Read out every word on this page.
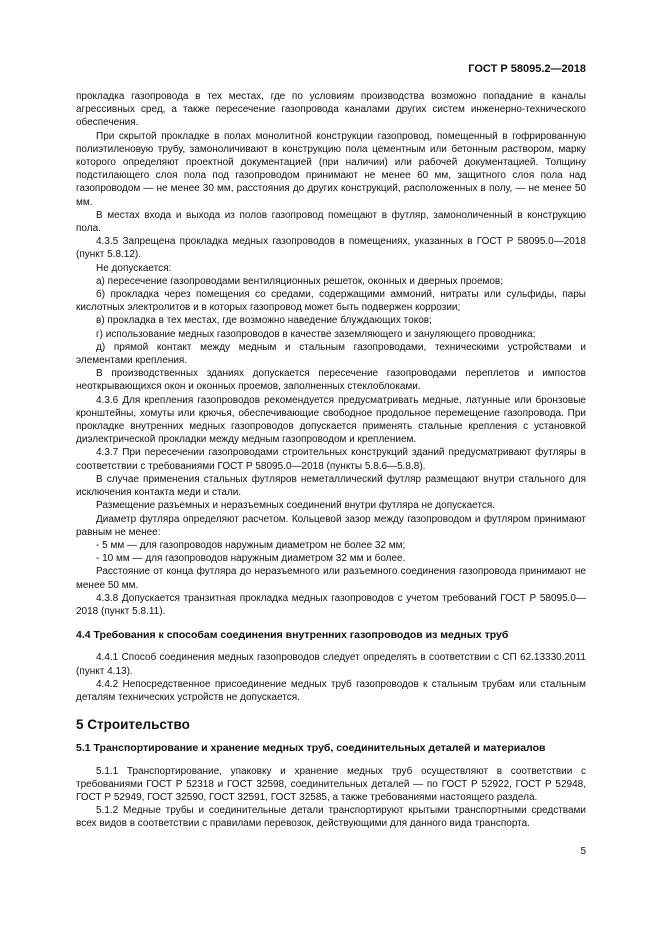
ГОСТ Р 58095.2—2018

прокладка газопровода в тех местах, где по условиям производства возможно попадание в каналы агрессивных сред, а также пересечение газопровода каналами других систем инженерно-технического обеспечения.

При скрытой прокладке в полах монолитной конструкции газопровод, помещенный в гофрированную полиэтиленовую трубу, замоноличивают в конструкцию пола цементным или бетонным раствором, марку которого определяют проектной документацией (при наличии) или рабочей документацией. Толщину подстилающего слоя пола под газопроводом принимают не менее 60 мм, защитного слоя пола над газопроводом — не менее 30 мм, расстояния до других конструкций, расположенных в полу, — не менее 50 мм.

В местах входа и выхода из полов газопровод помещают в футляр, замоноличенный в конструкцию пола.

4.3.5 Запрещена прокладка медных газопроводов в помещениях, указанных в ГОСТ Р 58095.0—2018 (пункт 5.8.12).

Не допускается:

а) пересечение газопроводами вентиляционных решеток, оконных и дверных проемов;

б) прокладка через помещения со средами, содержащими аммоний, нитраты или сульфиды, пары кислотных электролитов и в которых газопровод может быть подвержен коррозии;

в) прокладка в тех местах, где возможно наведение блуждающих токов;

г) использование медных газопроводов в качестве заземляющего и зануляющего проводника;

д) прямой контакт между медным и стальным газопроводами, техническими устройствами и элементами крепления.

В производственных зданиях допускается пересечение газопроводами переплетов и импостов неоткрывающихся окон и оконных проемов, заполненных стеклоблоками.

4.3.6 Для крепления газопроводов рекомендуется предусматривать медные, латунные или бронзовые кронштейны, хомуты или крючья, обеспечивающие свободное продольное перемещение газопровода. При прокладке внутренних медных газопроводов допускается применять стальные крепления с установкой диэлектрической прокладки между медным газопроводом и креплением.

4.3.7 При пересечении газопроводами строительных конструкций зданий предусматривают футляры в соответствии с требованиями ГОСТ Р 58095.0—2018 (пункты 5.8.6—5.8.8).

В случае применения стальных футляров неметаллический футляр размещают внутри стального для исключения контакта меди и стали.

Размещение разъемных и неразъемных соединений внутри футляра не допускается.

Диаметр футляра определяют расчетом. Кольцевой зазор между газопроводом и футляром принимают равным не менее:

- 5 мм — для газопроводов наружным диаметром не более 32 мм;

- 10 мм — для газопроводов наружным диаметром 32 мм и более.

Расстояние от конца футляра до неразъемного или разъемного соединения газопровода принимают не менее 50 мм.

4.3.8 Допускается транзитная прокладка медных газопроводов с учетом требований ГОСТ Р 58095.0—2018 (пункт 5.8.11).

4.4 Требования к способам соединения внутренних газопроводов из медных труб

4.4.1 Способ соединения медных газопроводов следует определять в соответствии с СП 62.13330.2011 (пункт 4.13).

4.4.2 Непосредственное присоединение медных труб газопроводов к стальным трубам или стальным деталям технических устройств не допускается.

5 Строительство
5.1 Транспортирование и хранение медных труб, соединительных деталей и материалов

5.1.1 Транспортирование, упаковку и хранение медных труб осуществляют в соответствии с требованиями ГОСТ Р 52318 и ГОСТ 32598, соединительных деталей — по ГОСТ Р 52922, ГОСТ Р 52948, ГОСТ Р 52949, ГОСТ 32590, ГОСТ 32591, ГОСТ 32585, а также требованиями настоящего раздела.

5.1.2 Медные трубы и соединительные детали транспортируют крытыми транспортными средствами всех видов в соответствии с правилами перевозок, действующими для данного вида транспорта.

5
